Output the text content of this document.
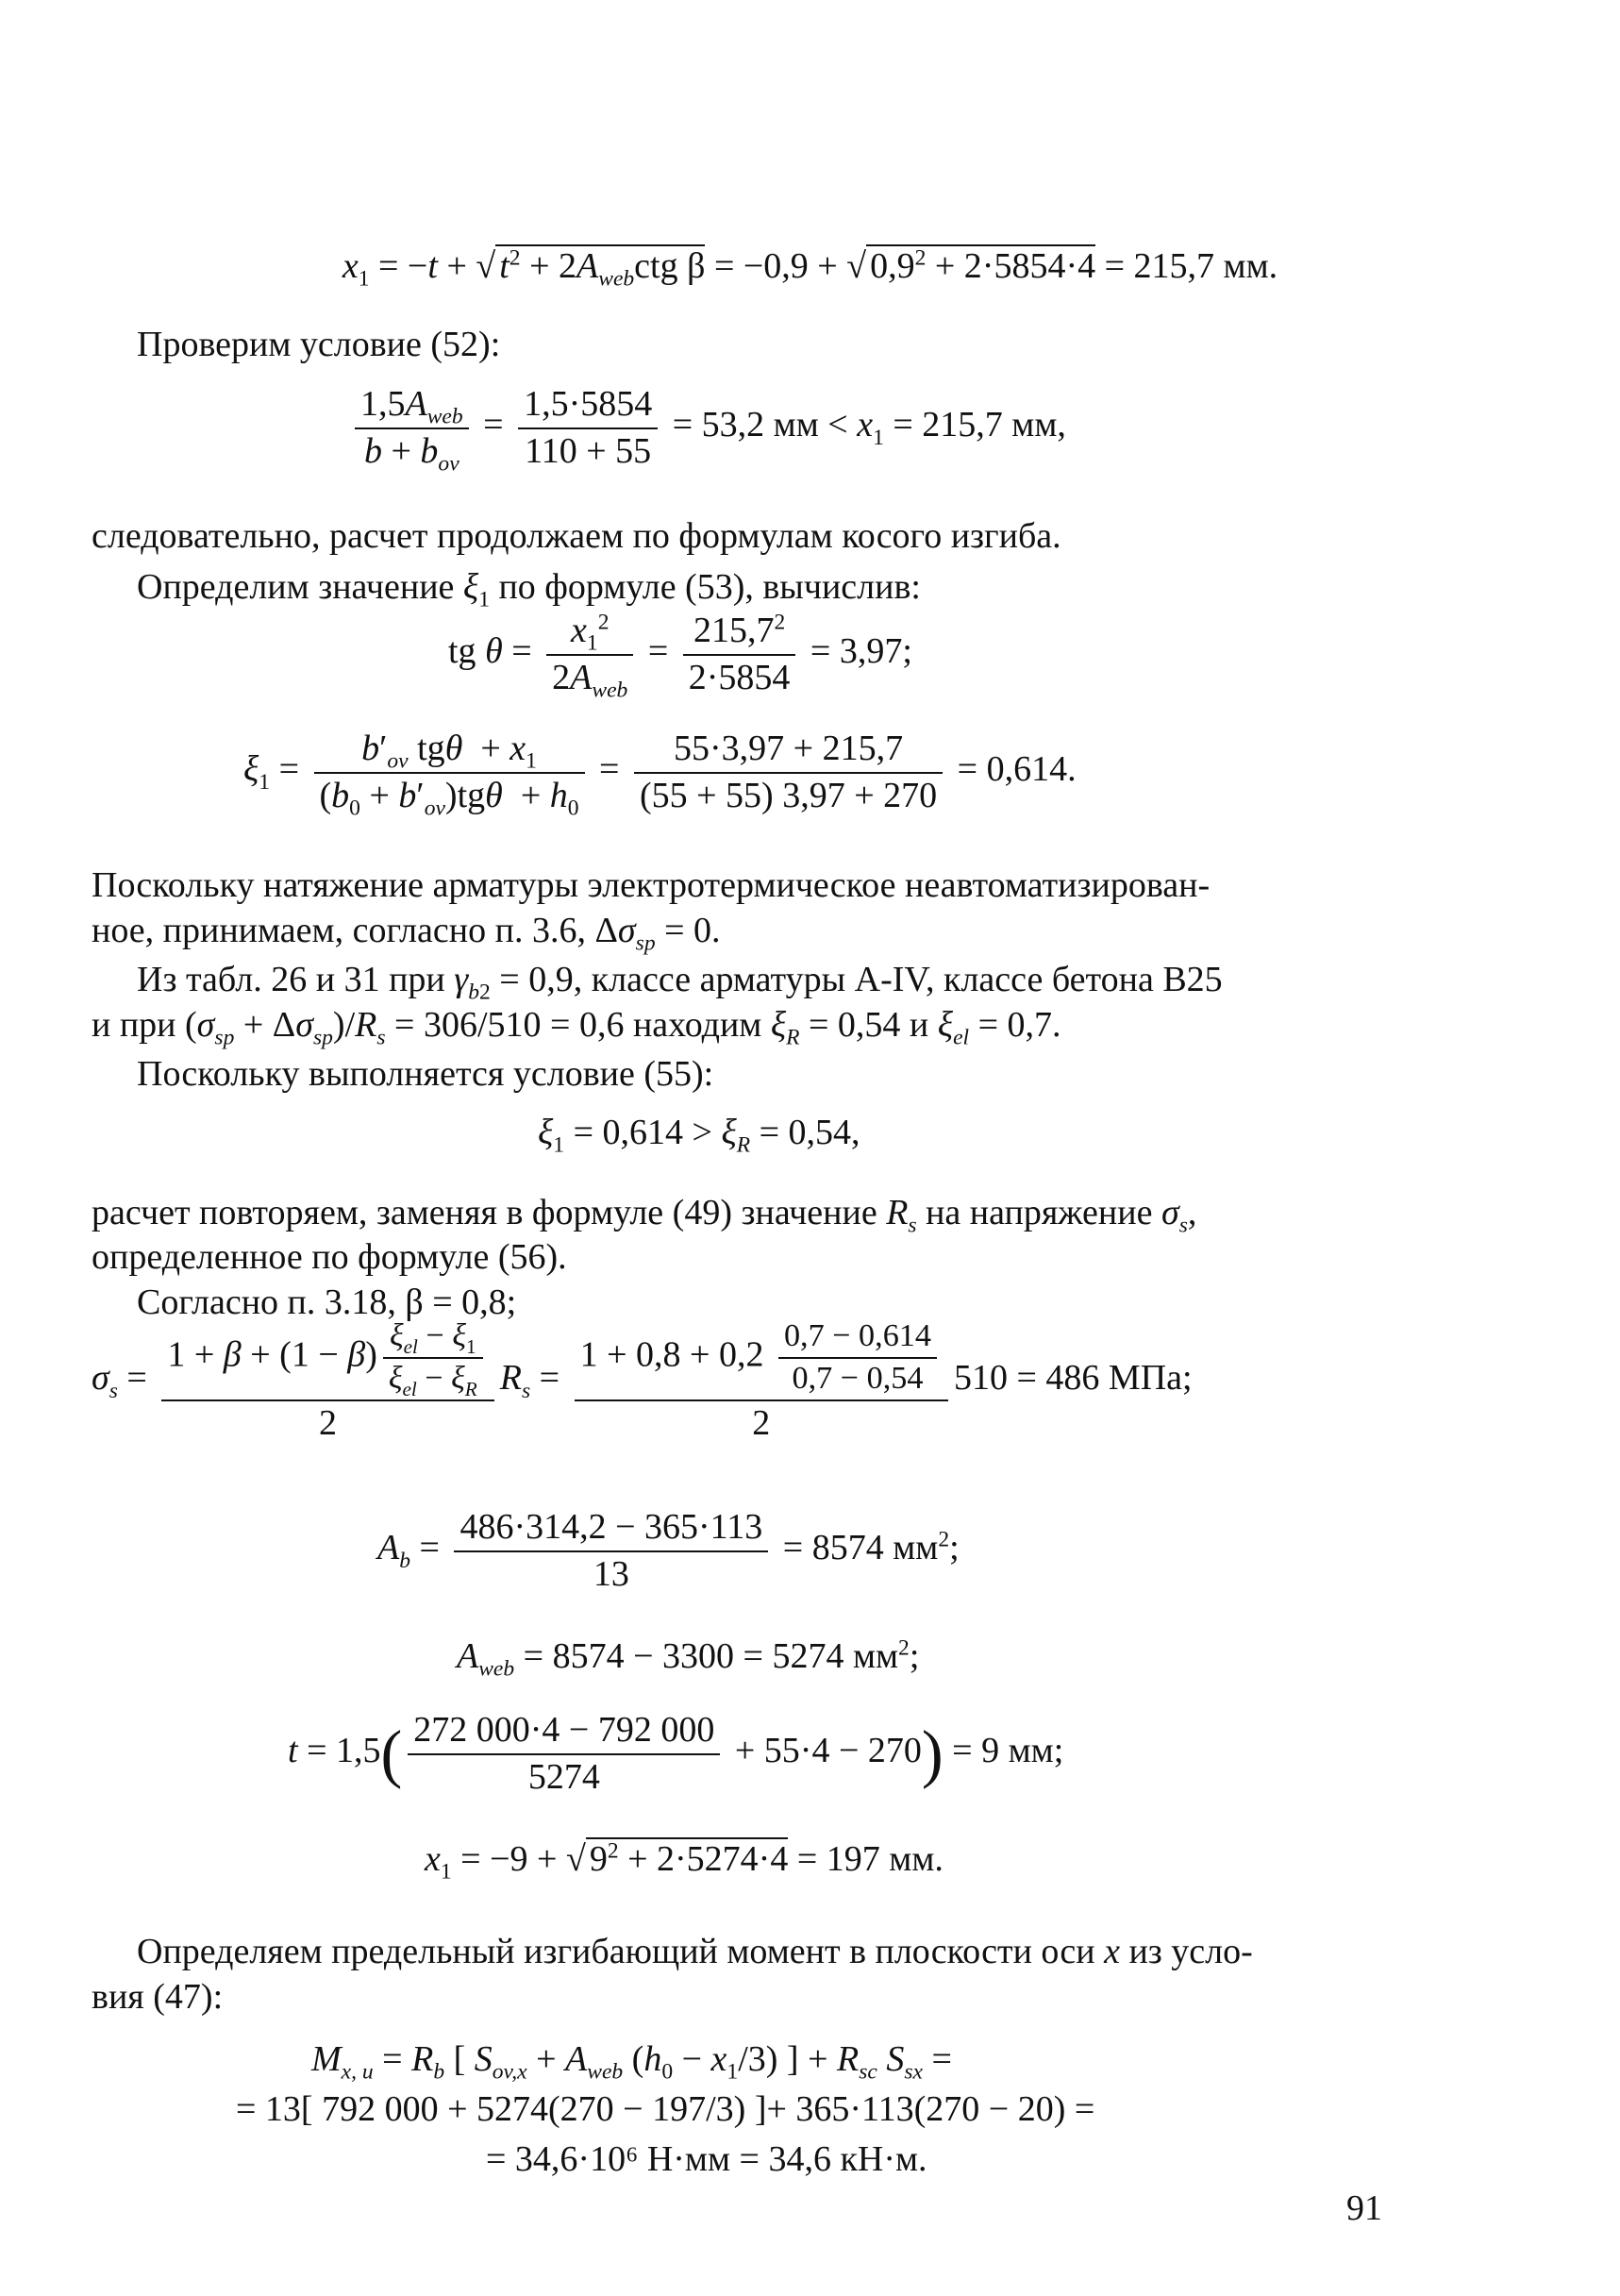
$x_1 = -t$ + √ $t^2 + 2A_{web}ctg$ β = −0,9 + √ $0,9^2 + 2\cdot 5854\cdot 4 = 215,7$ мм.
Проверим условие (52):
$\frac{1,5A_{web}}{b + b_{ov}} = \frac{1,5\cdot 5854}{110 + 55} = 53,2$ мм < $x_1 = 215,7$ мм,
следовательно, расчет продолжаем по формулам косого изгиба.
Определим значение $\xi_1$ по формуле (53), вычислив:
tg $\theta = \frac{x_1^2}{2A_{web}} = \frac{215,7^2}{2\cdot 5854} = 3,97$;
$\xi_1 = \frac{b'_{ov} tg\theta + x_1}{(b_0 + b'_{ov})tg\theta + h_0} = \frac{55\cdot 3,97 + 215,7}{(55 + 55) 3,97 + 270} = 0,614$.
Поскольку натяжение арматуры электротермическое неавтоматизирован-
ное, принимаем, согласно п. 3.6, $\Delta\sigma_{sp} = 0$.
Из табл. 26 и 31 при $\gamma_{b2} = 0,9$, классе арматуры A-IV, классе бетона B25
и при $(\sigma_{sp} + \Delta\sigma_{sp})/R_s = 306/510 = 0,6$ находим $\xi_R = 0,54$ и $\xi_{el} = 0,7$.
Поскольку выполняется условие (55):
$\xi_1 = 0,614 > \xi_R = 0,54$,
расчет повторяем, заменяя в формуле (49) значение $R_s$ на напряжение $\sigma_s$,
определенное по формуле (56).
Согласно п. 3.18, β = 0,8;
$\sigma_s = \frac{1 + \beta + (1 - \beta) \frac{\xi_{el} - \xi_1}{\xi_{el} - \xi_R}}{2} R_s = \frac{1 + 0,8 + 0,2 \frac{0,7 - 0,614}{0,7 - 0,54}}{2} 510 = 486$ МПа;
$A_b = \frac{486\cdot 314,2 - 365\cdot 113}{13} = 8574$ $мм^2$;
$A_{web} = 8574 - 3300 = 5274$ $мм^2$;
$t = 1,5( \frac{272 000\cdot 4 - 792 000}{5274} + 55\cdot 4 - 270) = 9$ мм;
$x_1 = -9$ + √ $9^2 + 2\cdot 5274\cdot 4 = 197$ мм.
Определяем предельный изгибающий момент в плоскости оси x из усло-
вия (47):
$M_{x, u} = R_b$ [ $S_{ov,x} + A_{web}$ $(h_0 - x_1/3)$ ] + $R_{sc}$ $S_{sx}$ =
= 13[ 792 000 + 5274(270 − 197/3) ]+ 365·113(270 − 20) =
= 34,6·10⁶ Н·мм = 34,6 кН·м.
91
